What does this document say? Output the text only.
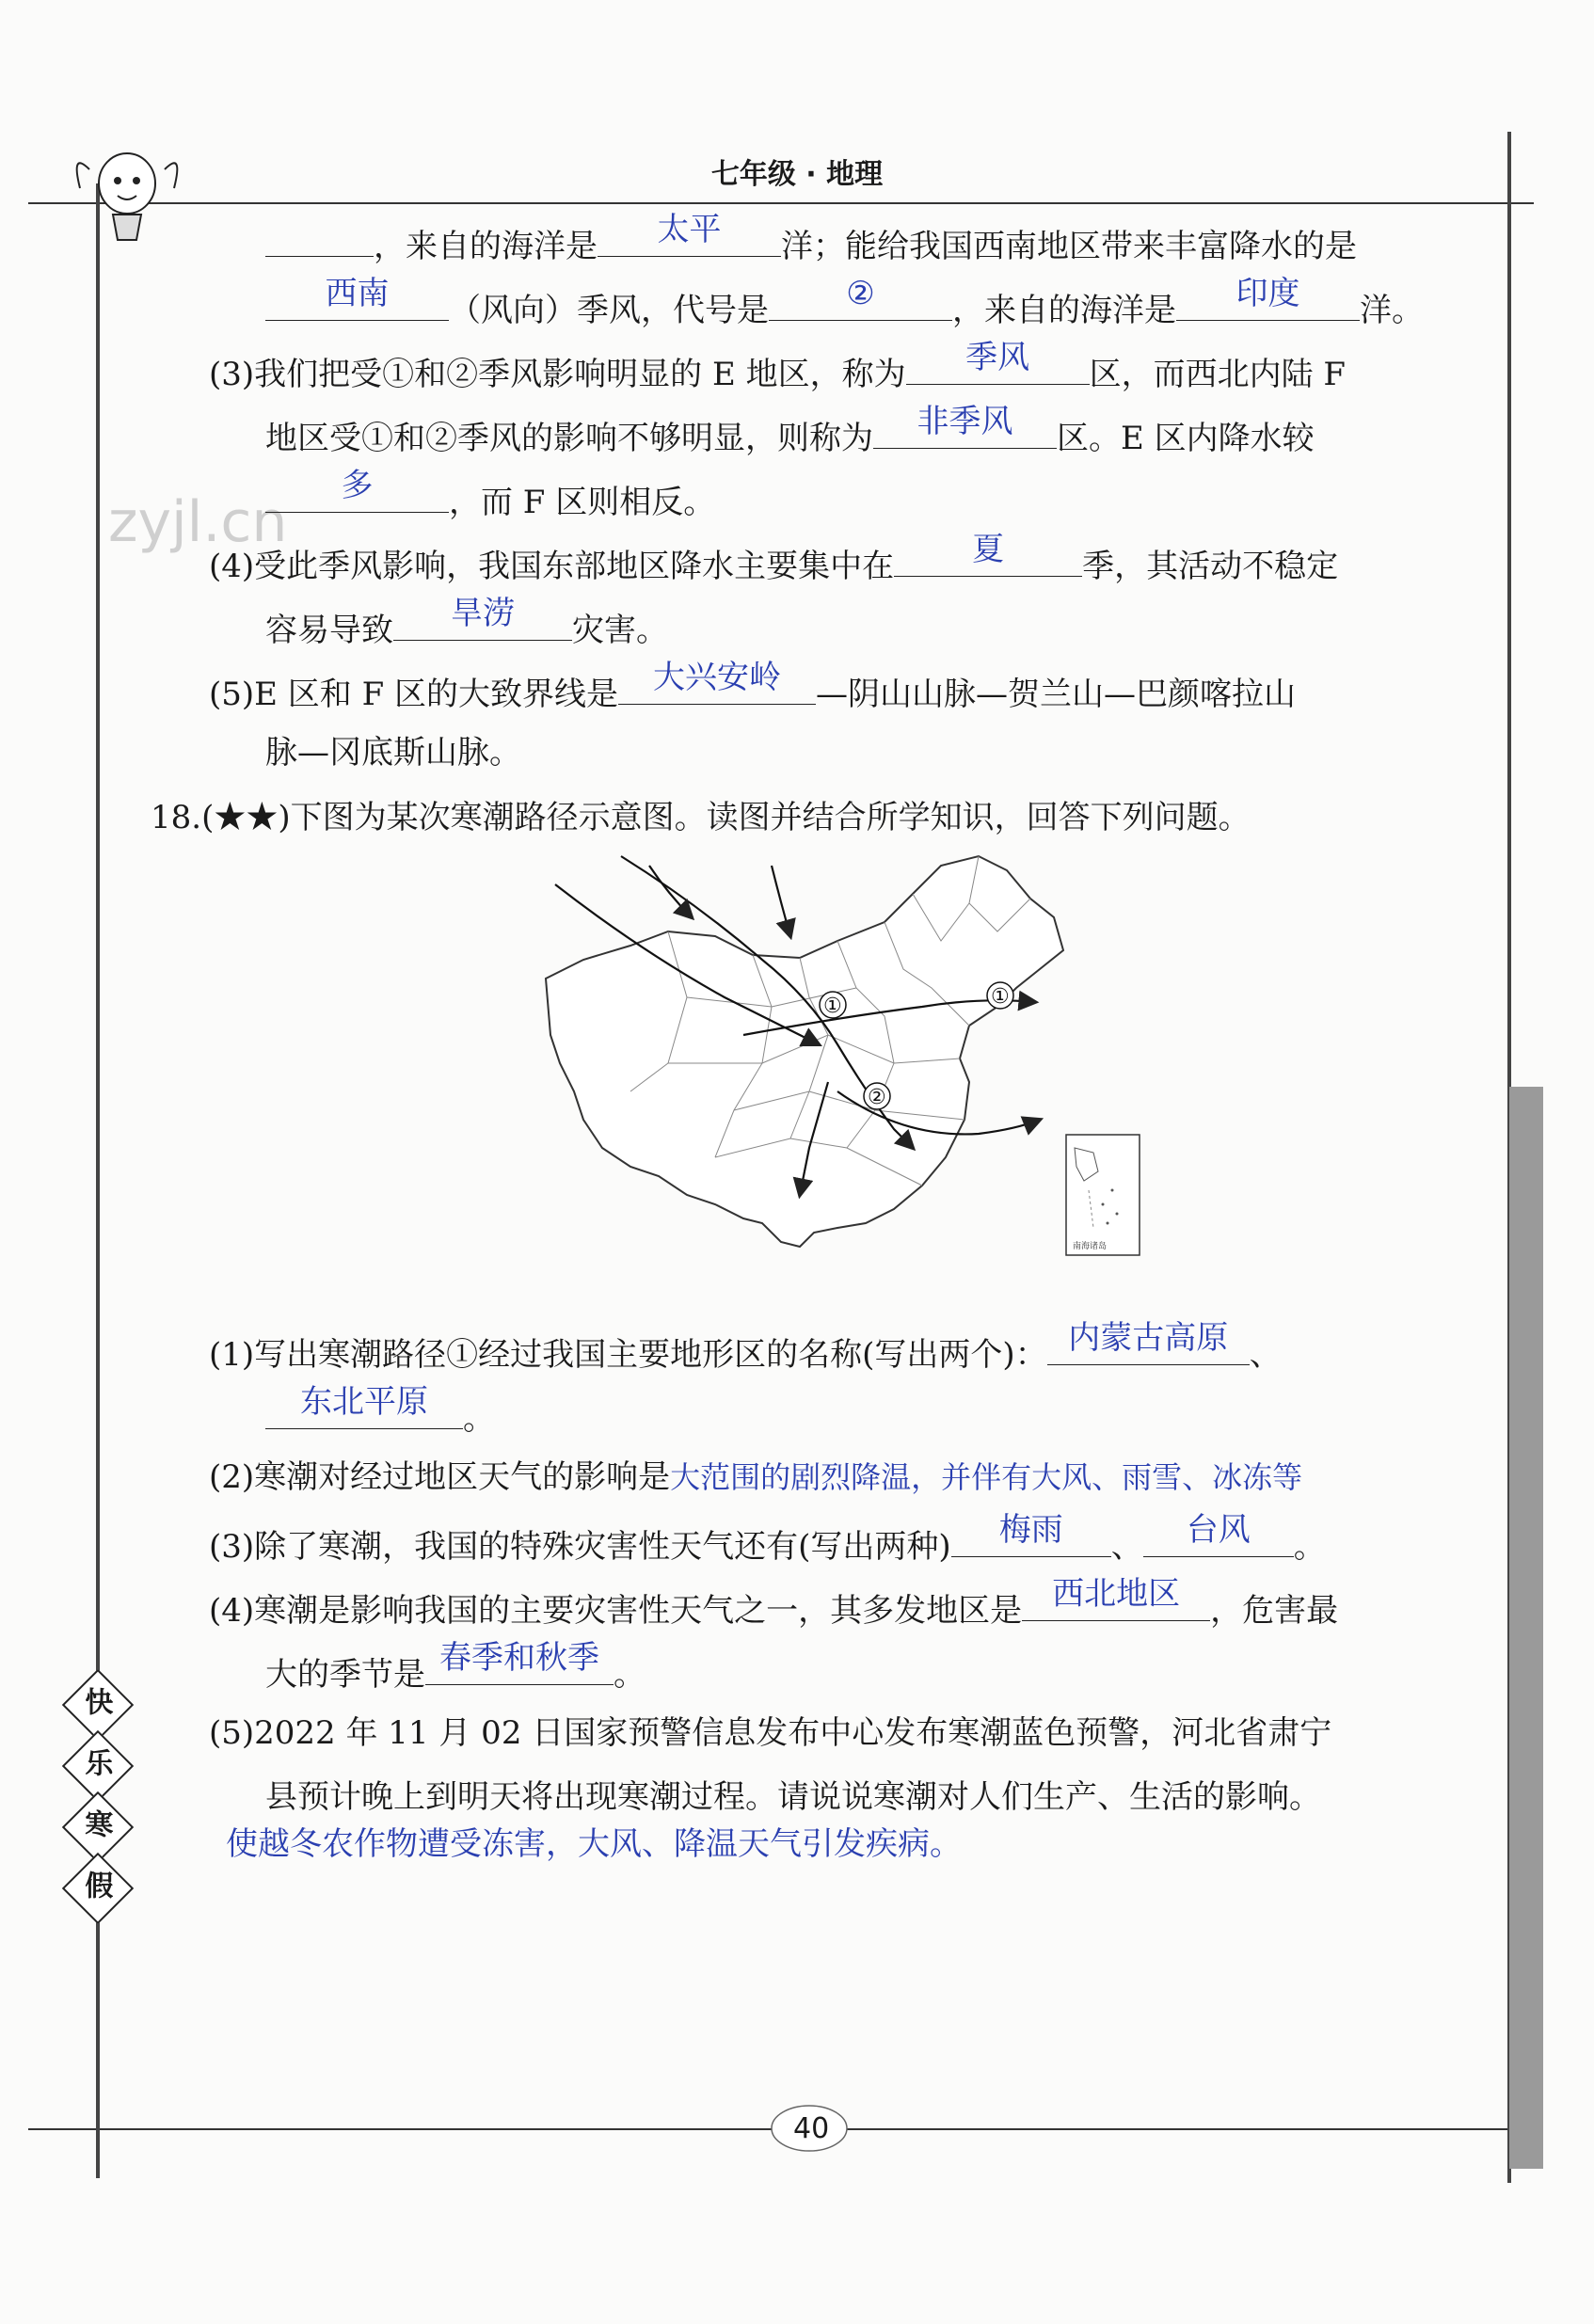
七年级 · 地理
zyjl.cn
，来自的海洋是	太平	洋；能给我国西南地区带来丰富降水的是
西南	（风向）季风，代号是	②	，来自的海洋是	印度	洋。
(3)我们把受①和②季风影响明显的 E 地区，称为	季风	区，而西北内陆 F
地区受①和②季风的影响不够明显，则称为	非季风	区。E 区内降水较
多	，而 F 区则相反。
(4)受此季风影响，我国东部地区降水主要集中在	夏	季，其活动不稳定
容易导致	旱涝	灾害。
(5)E 区和 F 区的大致界线是	大兴安岭	—阴山山脉—贺兰山—巴颜喀拉山
脉—冈底斯山脉。
18.(★★)下图为某次寒潮路径示意图。读图并结合所学知识，回答下列问题。
①	①
②
南海诸岛
(1)写出寒潮路径①经过我国主要地形区的名称(写出两个)： 内蒙古高原 、
东北平原	。
(2)寒潮对经过地区天气的影响是大范围的剧烈降温，并伴有大风、雨雪、冰冻等
(3)除了寒潮，我国的特殊灾害性天气还有(写出两种)	梅雨	、	台风	。
(4)寒潮是影响我国的主要灾害性天气之一，其多发地区是 西北地区 ，危害最
大的季节是 春季和秋季 。
(5)2022 年 11 月 02 日国家预警信息发布中心发布寒潮蓝色预警，河北省肃宁
县预计晚上到明天将出现寒潮过程。请说说寒潮对人们生产、生活的影响。
使越冬农作物遭受冻害，大风、降温天气引发疾病。
快
乐
寒
假
40
